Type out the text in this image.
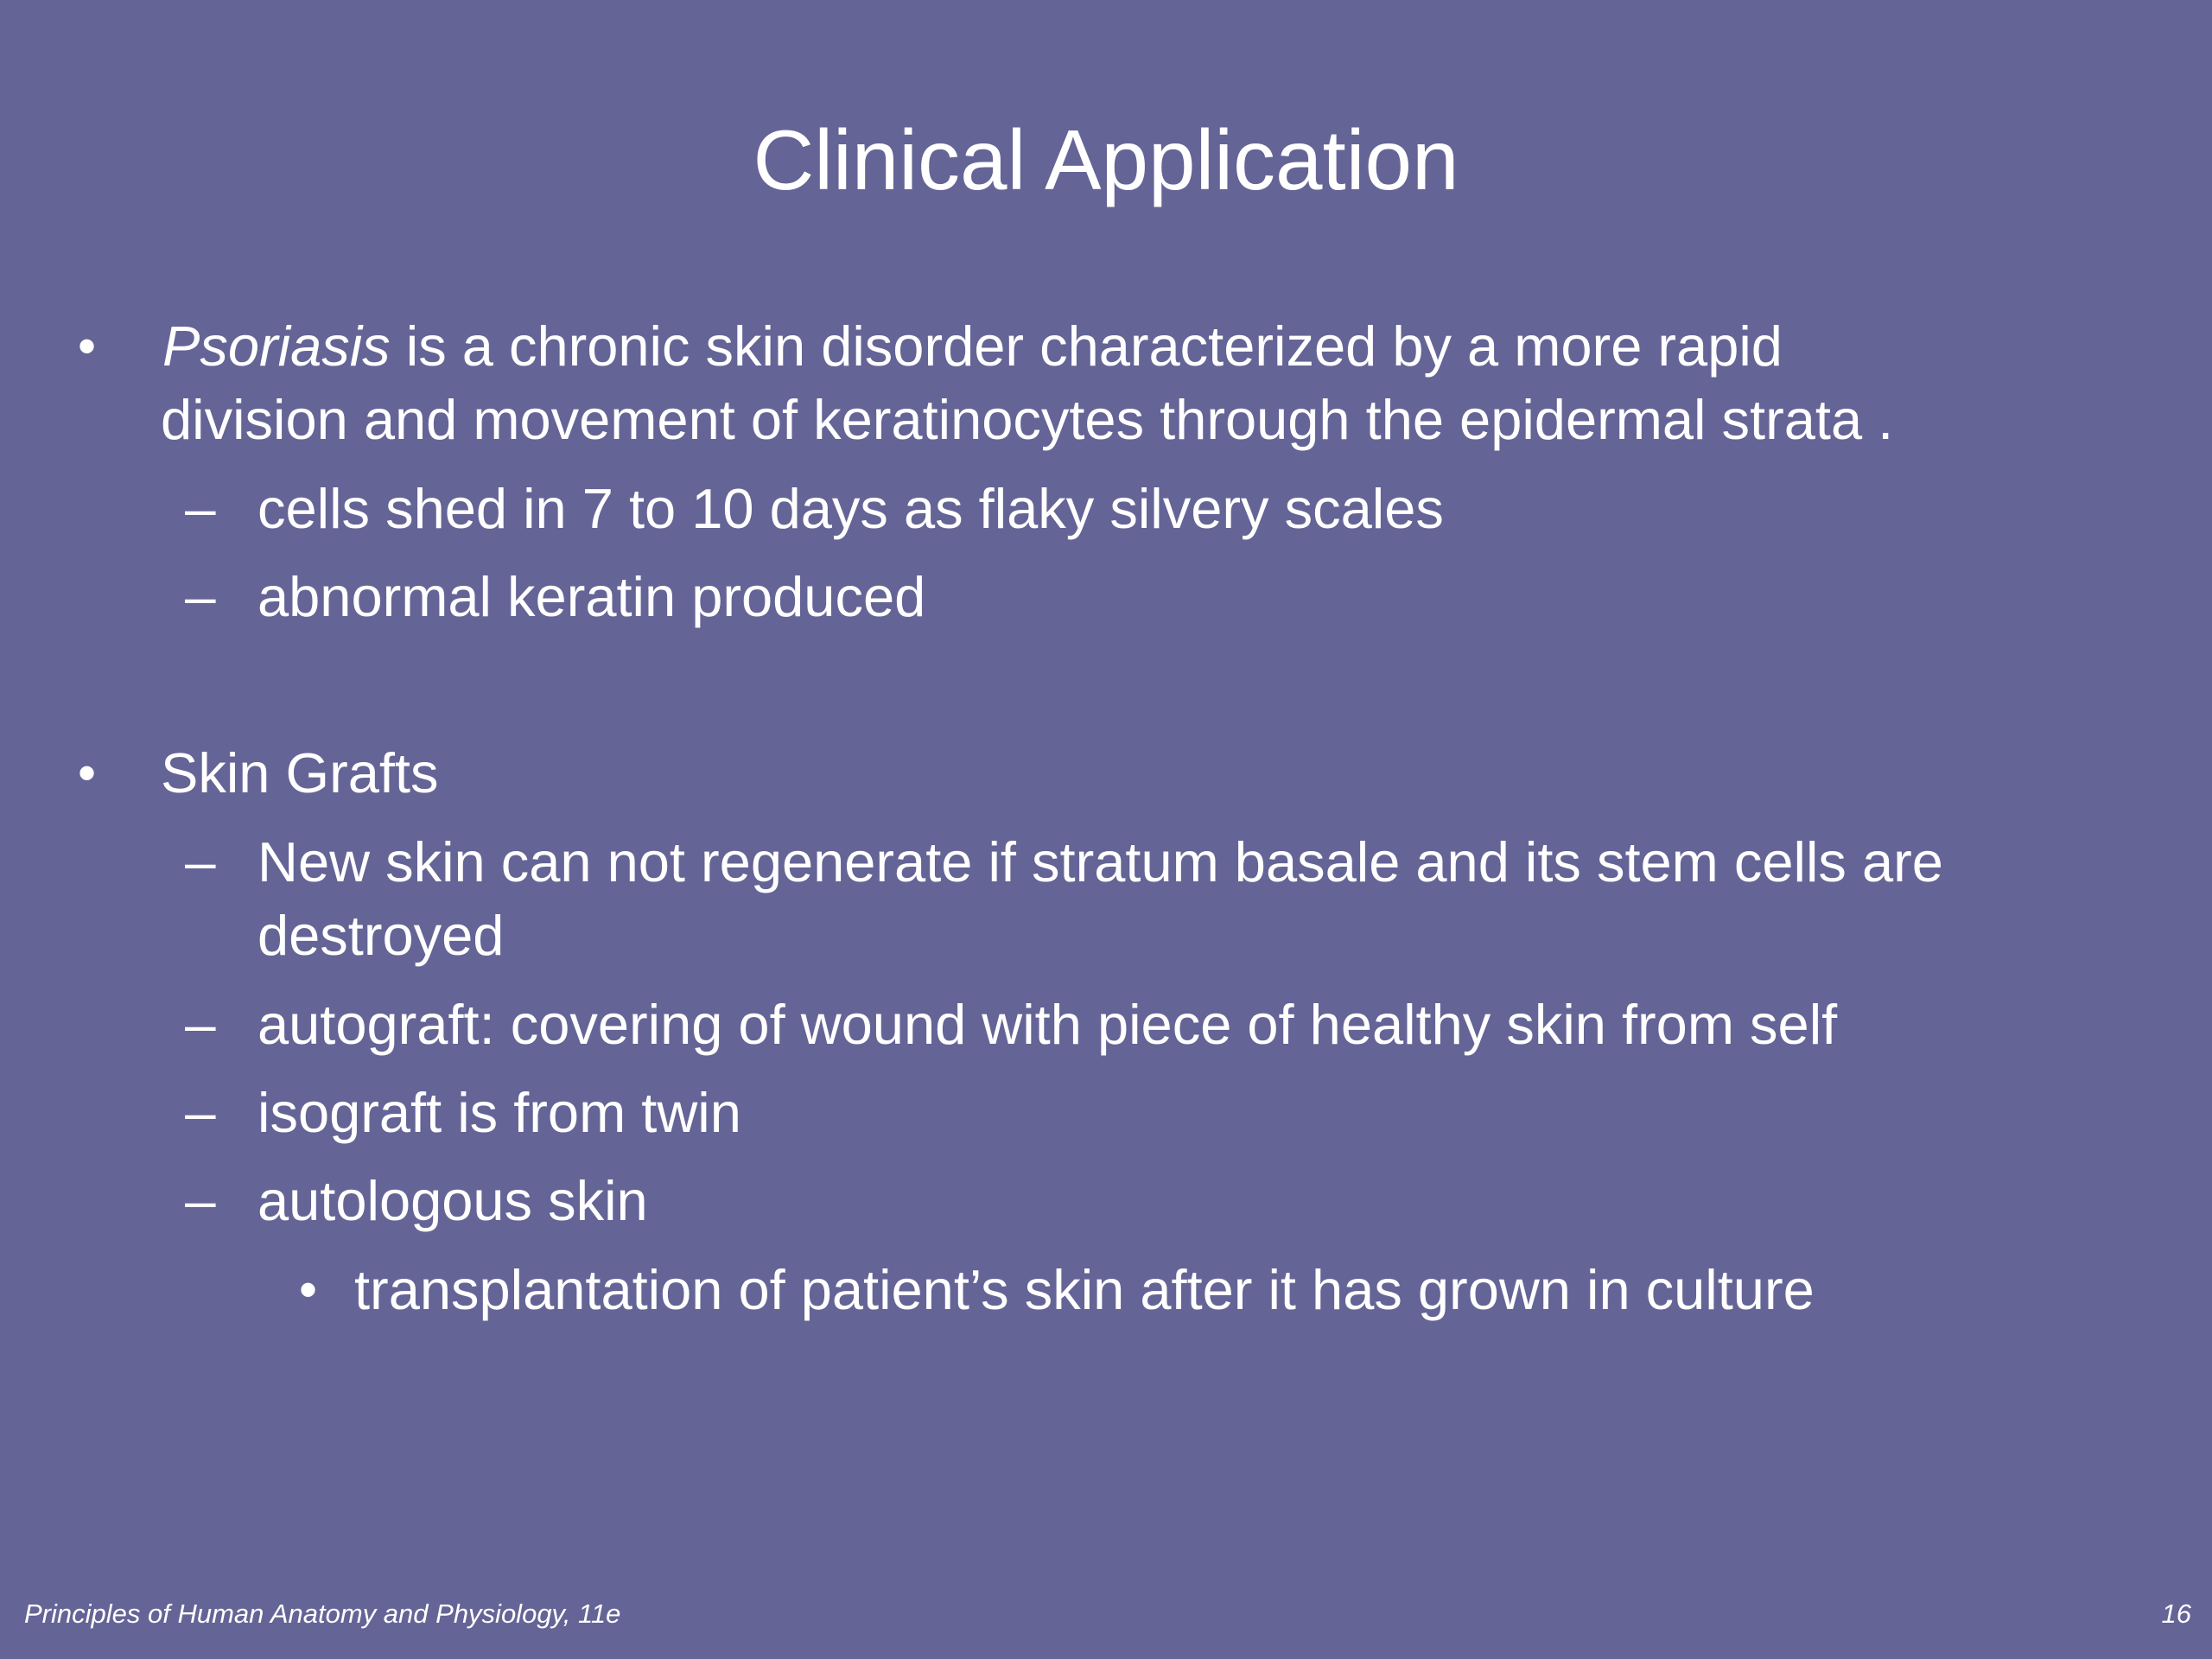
Clinical Application
• Psoriasis is a chronic skin disorder characterized by a more rapid
division and movement of keratinocytes through the epidermal strata .
– cells shed in 7 to 10 days as flaky silvery scales
– abnormal keratin produced
• Skin Grafts
– New skin can not regenerate if stratum basale and its stem cells are
destroyed
– autograft: covering of wound with piece of healthy skin from self
– isograft is from twin
– autologous skin
• transplantation of patient’s skin after it has grown in culture
Principles of Human Anatomy and Physiology, 11e	16
